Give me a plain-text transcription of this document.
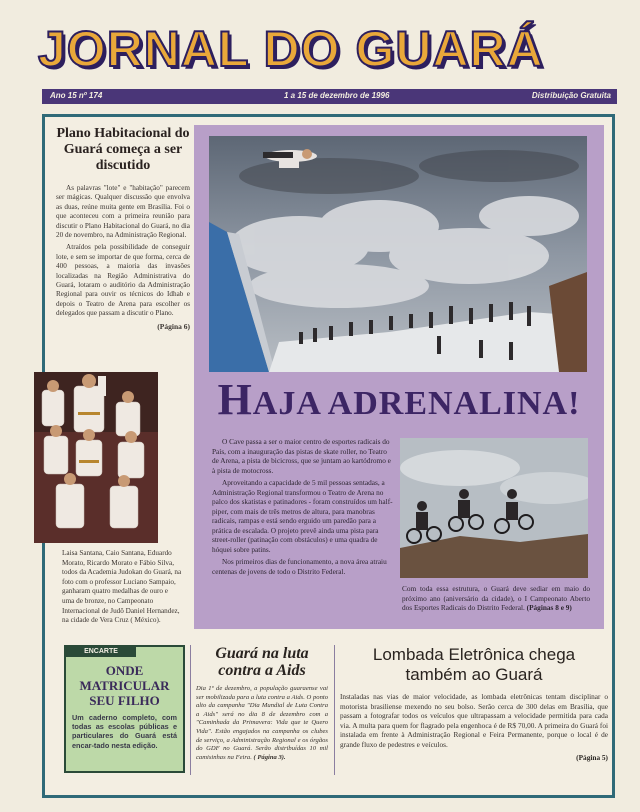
JORNAL DO GUARÁ
Ano 15 nº 174	1 a 15 de dezembro de 1996	Distribuição Gratuita
Plano Habitacional do Guará começa a ser discutido

As palavras "lote" e "habitação" parecem ser mágicas. Qualquer discussão que envolva as duas, reúne muita gente em Brasília. Foi o que aconteceu com a primeira reunião para discutir o Plano Habitacional do Guará, no dia 20 de novembro, na Administração Regional.

Atraídos pela possibilidade de conseguir lote, e sem se importar de que forma, cerca de 400 pessoas, a maioria das invasões localizadas na Região Administrativa do Guará, lotaram o auditório da Administração Regional para ouvir os técnicos do Idhab e depois o Teatro de Arena para escolher os delegados que passam a discutir o Plano.

(Página 6)
Laisa Santana, Caio Santana, Eduardo Morato, Ricardo Morato e Fábio Silva, todos da Academia Judokan do Guará, na foto com o professor Luciano Sampaio, ganharam quatro medalhas de ouro e uma de bronze, no Campeonato Internacional de Judô Daniel Hernandez, na cidade de Vera Cruz ( México).
HAJA ADRENALINA!

O Cave passa a ser o maior centro de esportes radicais do País, com a inauguração das pistas de skate roller, no Teatro de Arena, a pista de bicicross, que se juntam ao kartódromo e à pista de motocross.

Aproveitando a capacidade de 5 mil pessoas sentadas, a Administração Regional transformou o Teatro de Arena no palco dos skatistas e patinadores - foram construídos um half-piper, com mais de três metros de altura, para manobras radicais, rampas e está sendo erguido um paredão para a prática de escalada. O projeto prevê ainda uma pista para street-roller (patinação com obstáculos) e uma quadra de hóquei sobre patins.

Nos primeiros dias de funcionamento, a nova área atraiu centenas de jovens de todo o Distrito Federal.

Com toda essa estrutura, o Guará deve sediar em maio do próximo ano (aniversário da cidade), o I Campeonato Aberto dos Esportes Radicais do Distrito Federal. (Páginas 8 e 9)
ENCARTE
ONDE MATRICULAR SEU FILHO
Um caderno completo, com todas as escolas públicas e particulares do Guará está encar-tado nesta edição.
Guará na luta contra a Aids
Dia 1º de dezembro, a população guaraense vai ser mobilizada para a luta contra a Aids. O ponto alto da campanha "Dia Mundial de Luta Contra a Aids" será no dia 8 de dezembro com a "Caminhada da Primavera: Vida que te Quero Vida". Estão engajados na campanha os clubes de serviço, a Administração Regional e os órgãos do GDF no Guará. Serão distribuídas 10 mil camisinhas na Feira. ( Página 3).
Lombada Eletrônica chega também ao Guará
Instaladas nas vias de maior velocidade, as lombada eletrônicas tentam disciplinar o motorista brasiliense mexendo no seu bolso. Serão cerca de 300 delas em Brasília, que passam a fotografar todos os veículos que ultrapassam a velocidade permitida para cada via. A multa para quem for flagrado pela engenhoca é de R$ 70,00. A primeira do Guará foi instalada em frente à Administração Regional e Feira Permanente, porque o local é de grande fluxo de pedestres e veículos.
(Página 5)
